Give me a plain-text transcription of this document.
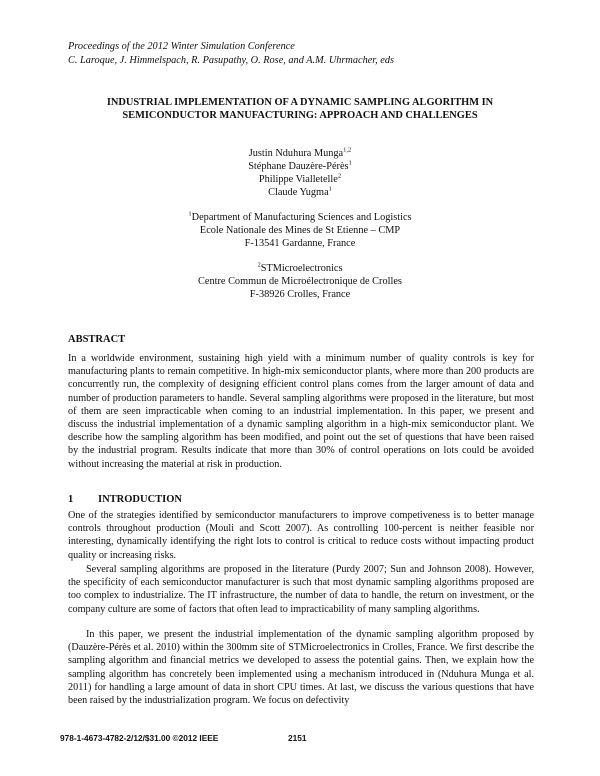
Proceedings of the 2012 Winter Simulation Conference
C. Laroque, J. Himmelspach, R. Pasupathy, O. Rose, and A.M. Uhrmacher, eds
INDUSTRIAL IMPLEMENTATION OF A DYNAMIC SAMPLING ALGORITHM IN
SEMICONDUCTOR MANUFACTURING: APPROACH AND CHALLENGES
Justin Nduhura Munga$^{1,2}$
Stéphane Dauzère-Pérès$^1$
Philippe Vialletelle$^2$
Claude Yugma$^1$
$^1$Department of Manufacturing Sciences and Logistics
Ecole Nationale des Mines de St Etienne – CMP
F-13541 Gardanne, France
$^2$STMicroelectronics
Centre Commun de Microélectronique de Crolles
F-38926 Crolles, France
ABSTRACT

In a worldwide environment, sustaining high yield with a minimum number of quality controls is key for manufacturing plants to remain competitive. In high-mix semiconductor plants, where more than 200 products are concurrently run, the complexity of designing efficient control plans comes from the larger amount of data and number of production parameters to handle. Several sampling algorithms were proposed in the literature, but most of them are seen impracticable when coming to an industrial implementation. In this paper, we present and discuss the industrial implementation of a dynamic sampling algorithm in a high-mix semiconductor plant. We describe how the sampling algorithm has been modified, and point out the set of questions that have been raised by the industrial program. Results indicate that more than 30% of control operations on lots could be avoided without increasing the material at risk in production.

1 INTRODUCTION

One of the strategies identified by semiconductor manufacturers to improve competiveness is to better manage controls throughout production (Mouli and Scott 2007). As controlling 100-percent is neither feasible nor interesting, dynamically identifying the right lots to control is critical to reduce costs without impacting product quality or increasing risks.

Several sampling algorithms are proposed in the literature (Purdy 2007; Sun and Johnson 2008). However, the specificity of each semiconductor manufacturer is such that most dynamic sampling algorithms proposed are too complex to industrialize. The IT infrastructure, the number of data to handle, the return on investment, or the company culture are some of factors that often lead to impracticability of many sampling algorithms.

In this paper, we present the industrial implementation of the dynamic sampling algorithm proposed by (Dauzère-Pérès et al. 2010) within the 300mm site of STMicroelectronics in Crolles, France. We first describe the sampling algorithm and financial metrics we developed to assess the potential gains. Then, we explain how the sampling algorithm has concretely been implemented using a mechanism introduced in (Nduhura Munga et al. 2011) for handling a large amount of data in short CPU times. At last, we discuss the various questions that have been raised by the industrialization program. We focus on defectivity

978-1-4673-4782-2/12/$31.00 ©2012 IEEE	2151
